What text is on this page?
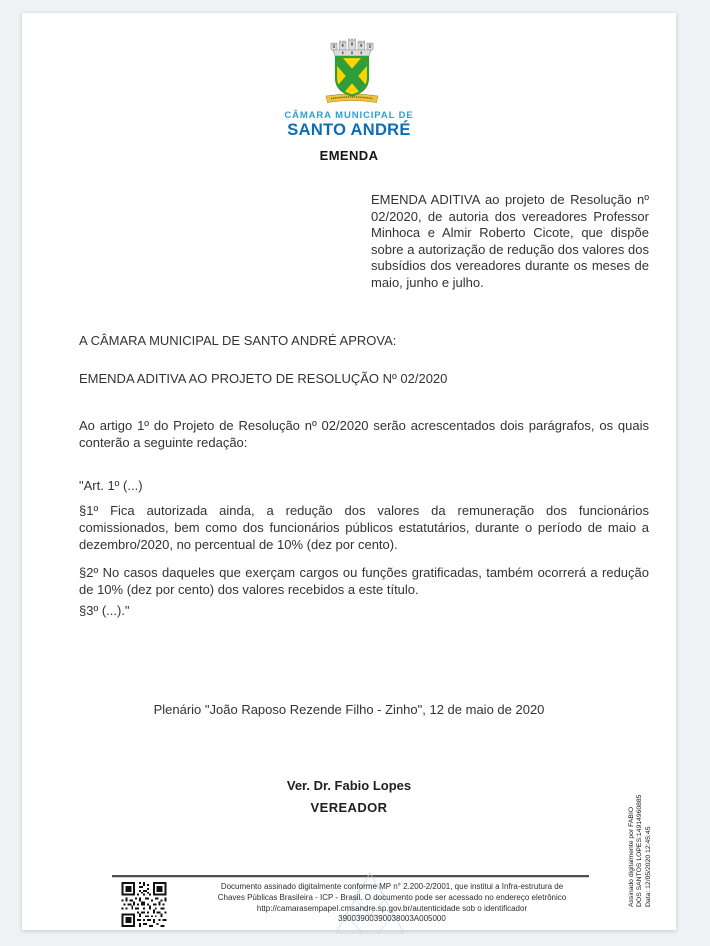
CÂMARA MUNICIPAL DE
SANTO ANDRÉ
EMENDA
EMENDA ADITIVA ao projeto de Resolução nº 02/2020, de autoria dos vereadores Professor Minhoca e Almir Roberto Cicote, que dispõe sobre a autorização de redução dos valores dos subsídios dos vereadores durante os meses de maio, junho e julho.
A CÂMARA MUNICIPAL DE SANTO ANDRÉ APROVA:
EMENDA ADITIVA AO PROJETO DE RESOLUÇÃO Nº 02/2020

Ao artigo 1º do Projeto de Resolução nº 02/2020 serão acrescentados dois parágrafos, os quais conterão a seguinte redação:

"Art. 1º (...)

§1º Fica autorizada ainda, a redução dos valores da remuneração dos funcionários comissionados, bem como dos funcionários públicos estatutários, durante o período de maio a dezembro/2020, no percentual de 10% (dez por cento).

§2º No casos daqueles que exerçam cargos ou funções gratificadas, também ocorrerá a redução de 10% (dez por cento) dos valores recebidos a este título.

§3º (...)."

Plenário "João Raposo Rezende Filho - Zinho", 12 de maio de 2020
Ver. Dr. Fabio Lopes
VEREADOR
Documento assinado digitalmente conforme MP n° 2.200-2/2001, que institui a Infra-estrutura de
Chaves Públicas Brasileira - ICP - Brasil. O documento pode ser acessado no endereço eletrônico
http://camarasempapel.cmsandre.sp.gov.br/autenticidade sob o identificador
39003900390038003A005000
Assinado digitalmente por FABIO DOS SANTOS LOPES:14914960885 Data: 12/05/2020 12:45:45
